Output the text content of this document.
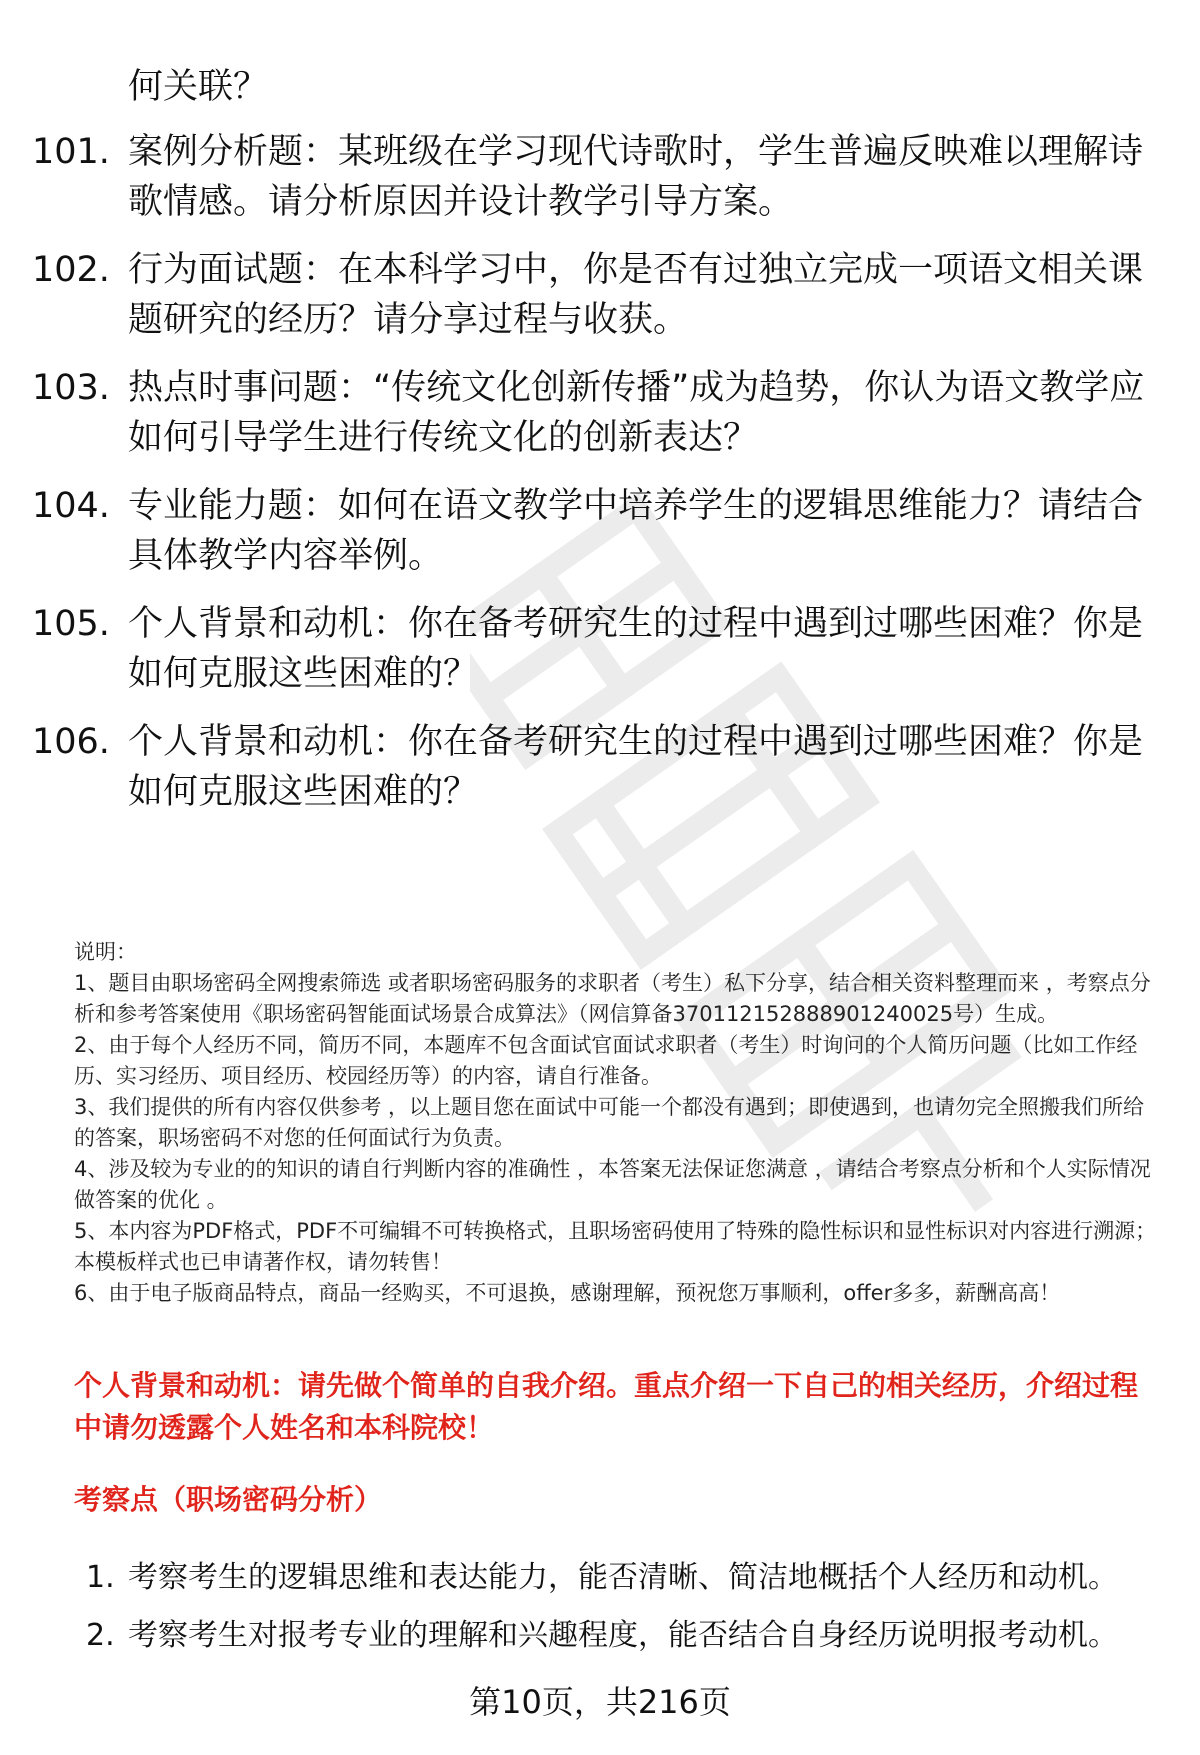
何关联？
101. 案例分析题：某班级在学习现代诗歌时，学生普遍反映难以理解诗歌情感。请分析原因并设计教学引导方案。
102. 行为面试题：在本科学习中，你是否有过独立完成一项语文相关课题研究的经历？请分享过程与收获。
103. 热点时事问题：“传统文化创新传播”成为趋势，你认为语文教学应如何引导学生进行传统文化的创新表达？
104. 专业能力题：如何在语文教学中培养学生的逻辑思维能力？请结合具体教学内容举例。
105. 个人背景和动机：你在备考研究生的过程中遇到过哪些困难？你是如何克服这些困难的？
106. 个人背景和动机：你在备考研究生的过程中遇到过哪些困难？你是如何克服这些困难的？
说明：
1、题目由职场密码全网搜索筛选 或者职场密码服务的求职者（考生）私下分享，结合相关资料整理而来 ，考察点分析和参考答案使用《职场密码智能面试场景合成算法》（网信算备370112152888901240025号）生成。
2、由于每个人经历不同，简历不同，本题库不包含面试官面试求职者（考生）时询问的个人简历问题（比如工作经历、实习经历、项目经历、校园经历等）的内容，请自行准备。
3、我们提供的所有内容仅供参考 ，以上题目您在面试中可能一个都没有遇到；即使遇到，也请勿完全照搬我们所给的答案，职场密码不对您的任何面试行为负责。
4、涉及较为专业的的知识的请自行判断内容的准确性 ，本答案无法保证您满意 ，请结合考察点分析和个人实际情况做答案的优化 。
5、本内容为PDF格式，PDF不可编辑不可转换格式，且职场密码使用了特殊的隐性标识和显性标识对内容进行溯源；本模板样式也已申请著作权，请勿转售！
6、由于电子版商品特点，商品一经购买，不可退换，感谢理解，预祝您万事顺利，offer多多，薪酬高高！
个人背景和动机：请先做个简单的自我介绍。重点介绍一下自己的相关经历，介绍过程中请勿透露个人姓名和本科院校！
考察点（职场密码分析）
1. 考察考生的逻辑思维和表达能力，能否清晰、简洁地概括个人经历和动机。
2. 考察考生对报考专业的理解和兴趣程度，能否结合自身经历说明报考动机。
第10页，共216页
